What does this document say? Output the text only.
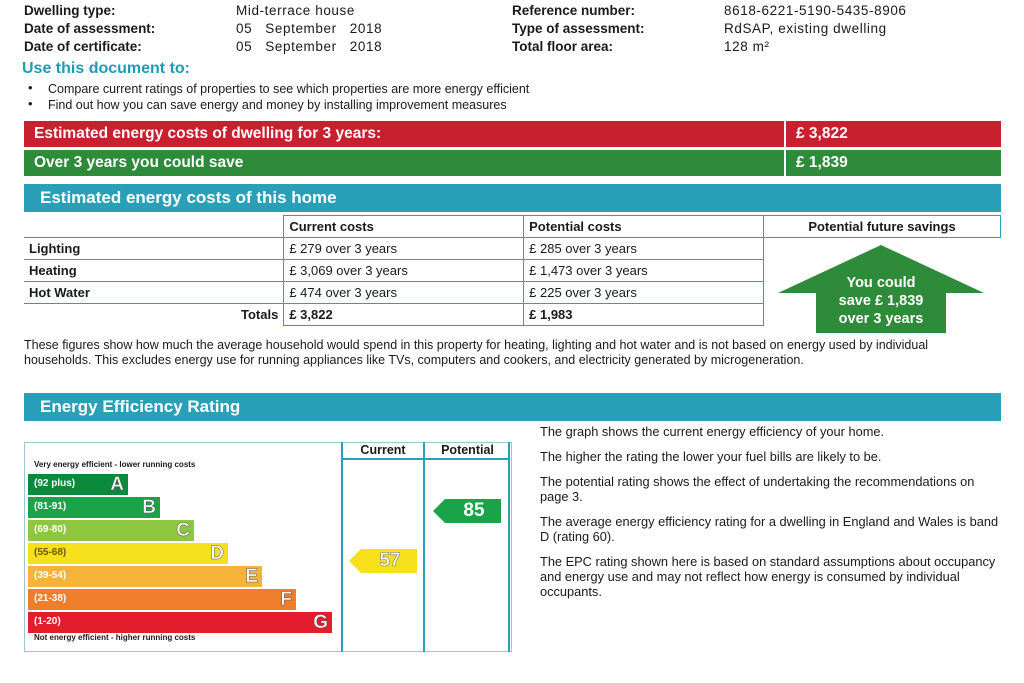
Dwelling type:	Mid-terrace house
Date of assessment:	05   September   2018
Date of certificate:	05   September   2018
Reference number:	8618-6221-5190-5435-8906
Type of assessment:	RdSAP, existing dwelling
Total floor area:	128 m²
Use this document to:
• Compare current ratings of properties to see which properties are more energy efficient
• Find out how you can save energy and money by installing improvement measures
Estimated energy costs of dwelling for 3 years:	£ 3,822
Over 3 years you could save	£ 1,839
Estimated energy costs of this home
	Current costs	Potential costs
Lighting	£ 279 over 3 years	£ 285 over 3 years
Heating	£ 3,069 over 3 years	£ 1,473 over 3 years
Hot Water	£ 474 over 3 years	£ 225 over 3 years
Totals	£ 3,822	£ 1,983
Potential future savings
You could
save £ 1,839
over 3 years
These figures show how much the average household would spend in this property for heating, lighting and hot water and is not based on energy used by individual households. This excludes energy use for running appliances like TVs, computers and cookers, and electricity generated by microgeneration.
Energy Efficiency Rating
Current	Potential
Very energy efficient - lower running costs
Not energy efficient - higher running costs
(92 plus) A
(81-91)	B
(69-80)	C
(55-68)	D
(39-54)	E
(21-38)	F
(1-20)	G
57
85

The graph shows the current energy efficiency of your home.

The higher the rating the lower your fuel bills are likely to be.

The potential rating shows the effect of undertaking the recommendations on page 3.

The average energy efficiency rating for a dwelling in England and Wales is band D (rating 60).

The EPC rating shown here is based on standard assumptions about occupancy and energy use and may not reflect how energy is consumed by individual occupants.
